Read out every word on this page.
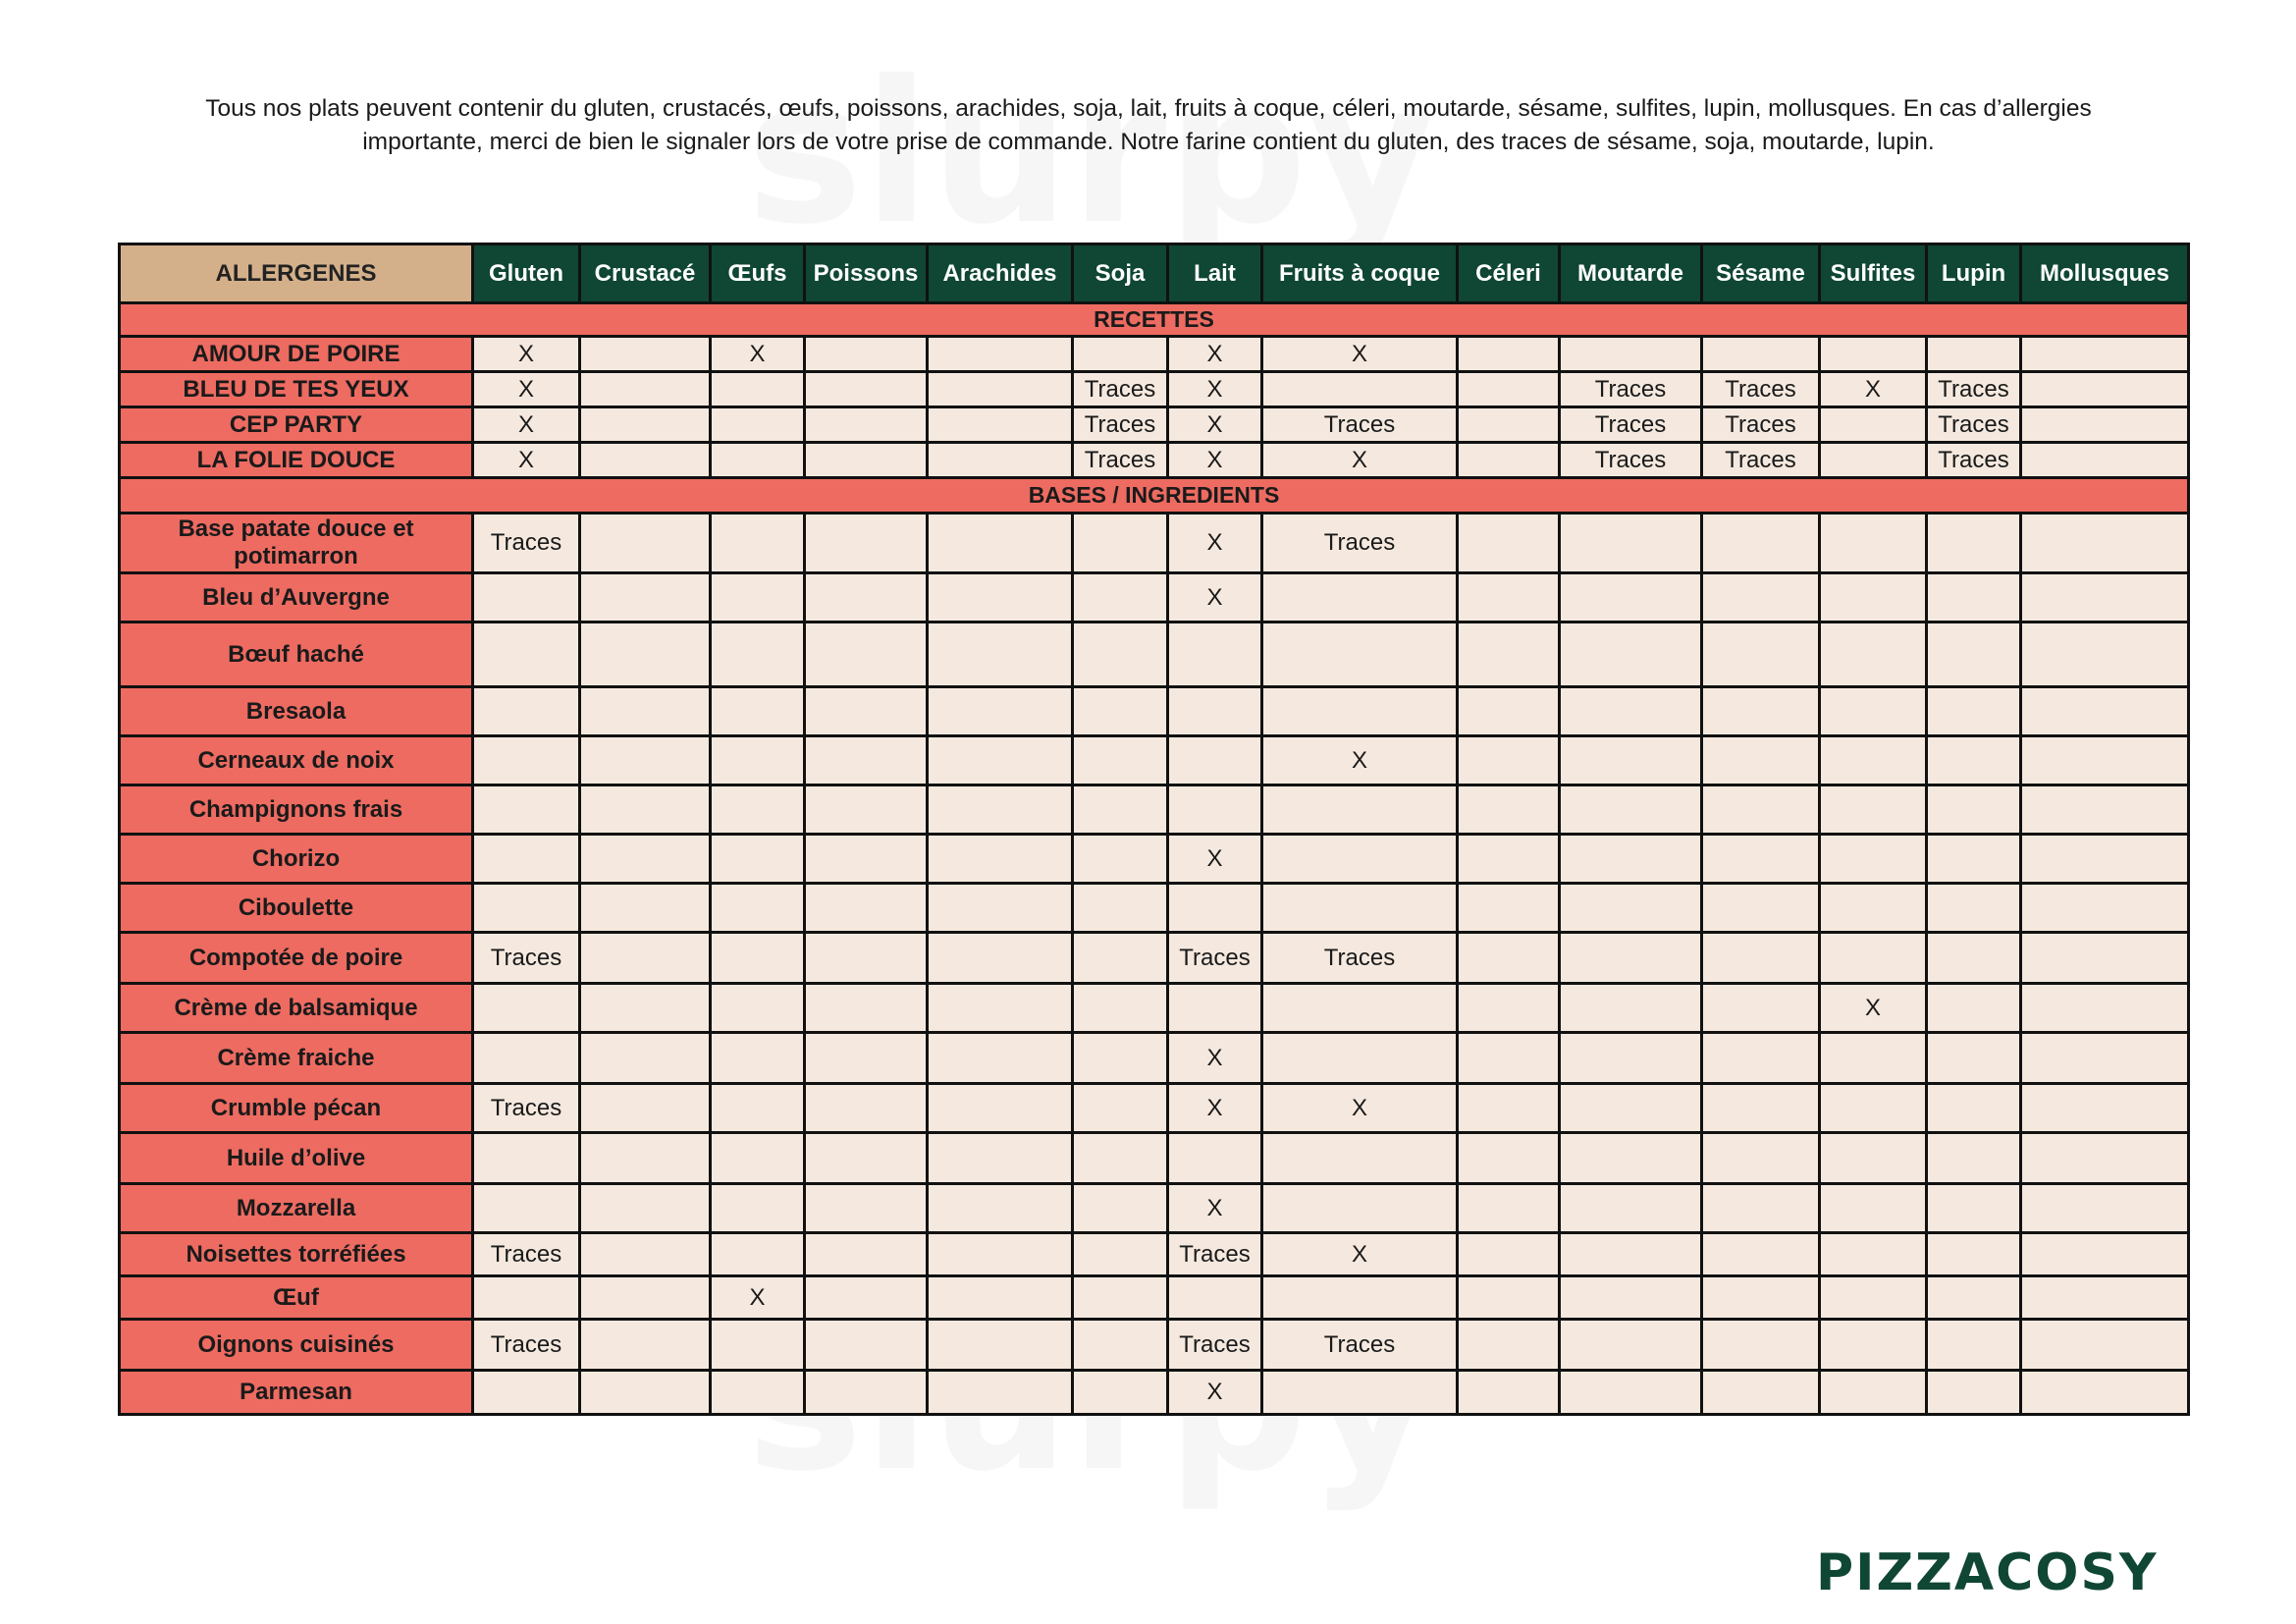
Tous nos plats peuvent contenir du gluten, crustacés, œufs, poissons, arachides, soja, lait, fruits à coque, céleri, moutarde, sésame, sulfites, lupin, mollusques. En cas d’allergies importante, merci de bien le signaler lors de votre prise de commande. Notre farine contient du gluten, des traces de sésame, soja, moutarde, lupin.
ALLERGENES	Gluten	Crustacé	Œufs	Poissons	Arachides	Soja	Lait	Fruits à coque	Céleri	Moutarde	Sésame	Sulfites	Lupin	Mollusques
RECETTES														
AMOUR DE POIRE	X		X				X	X						
BLEU DE TES YEUX	X					Traces	X			Traces	Traces	X	Traces	
CEP PARTY	X					Traces	X	Traces		Traces	Traces		Traces	
LA FOLIE DOUCE	X					Traces	X	X		Traces	Traces		Traces	
BASES / INGREDIENTS														
Base patate douce et potimarron	Traces						X	Traces						
Bleu d’Auvergne							X							
Bœuf haché														
Bresaola														
Cerneaux de noix								X						
Champignons frais														
Chorizo							X							
Ciboulette														
Compotée de poire	Traces						Traces	Traces						
Crème de balsamique												X		
Crème fraiche							X							
Crumble pécan	Traces						X	X						
Huile d’olive														
Mozzarella							X							
Noisettes torréfiées	Traces						Traces	X						
Œuf			X											
Oignons cuisinés	Traces						Traces	Traces						
Parmesan							X							
PIZZACOSY
